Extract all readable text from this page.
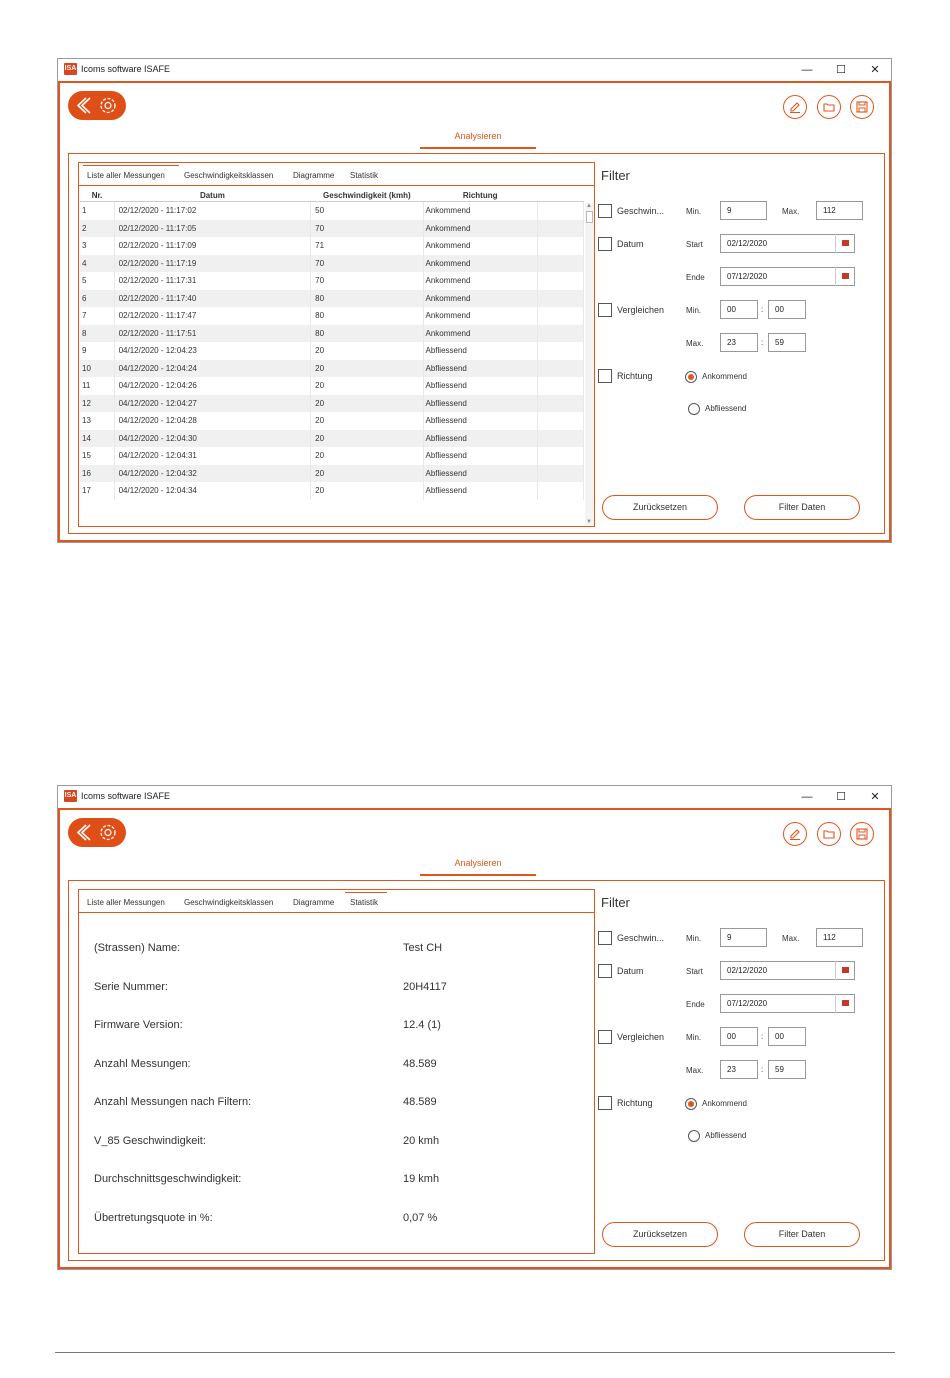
ISA Icoms software ISAFE	—	☐	✕
Analysieren
Liste aller Messungen Geschwindigkeitsklassen Diagramme Statistik
Nr.	Datum	Geschwindigkeit (kmh)	Richtung	
1	02/12/2020 - 11:17:02	50	Ankommend	
2	02/12/2020 - 11:17:05	70	Ankommend	
3	02/12/2020 - 11:17:09	71	Ankommend	
4	02/12/2020 - 11:17:19	70	Ankommend	
5	02/12/2020 - 11:17:31	70	Ankommend	
6	02/12/2020 - 11:17:40	80	Ankommend	
7	02/12/2020 - 11:17:47	80	Ankommend	
8	02/12/2020 - 11:17:51	80	Ankommend	
9	04/12/2020 - 12:04:23	20	Abfliessend	
10	04/12/2020 - 12:04:24	20	Abfliessend	
11	04/12/2020 - 12:04:26	20	Abfliessend	
12	04/12/2020 - 12:04:27	20	Abfliessend	
13	04/12/2020 - 12:04:28	20	Abfliessend	
14	04/12/2020 - 12:04:30	20	Abfliessend	
15	04/12/2020 - 12:04:31	20	Abfliessend	
16	04/12/2020 - 12:04:32	20	Abfliessend	
17	04/12/2020 - 12:04:34	20	Abfliessend	
▲
▼
Filter
Geschwin...	Min.	9	Max.	112
Datum	Start	02/12/2020
Ende	07/12/2020
Vergleichen	Min.	00	:	00
Max.	23	:	59
Richtung	Ankommend
Abfliessend
Zurücksetzen	Filter Daten
ISA Icoms software ISAFE	—	☐	✕
Analysieren
Liste aller Messungen Geschwindigkeitsklassen Diagramme Statistik
(Strassen) Name:	Test CH
Serie Nummer:	20H4117
Firmware Version:	12.4 (1)
Anzahl Messungen:	48.589
Anzahl Messungen nach Filtern:	48.589
V_85 Geschwindigkeit:	20 kmh
Durchschnittsgeschwindigkeit:	19 kmh
Übertretungsquote in %:	0,07 %
Filter
Geschwin...	Min.	9	Max.	112
Datum	Start	02/12/2020
Ende	07/12/2020
Vergleichen	Min.	00	:	00
Max.	23	:	59
Richtung	Ankommend
Abfliessend
Zurücksetzen	Filter Daten
